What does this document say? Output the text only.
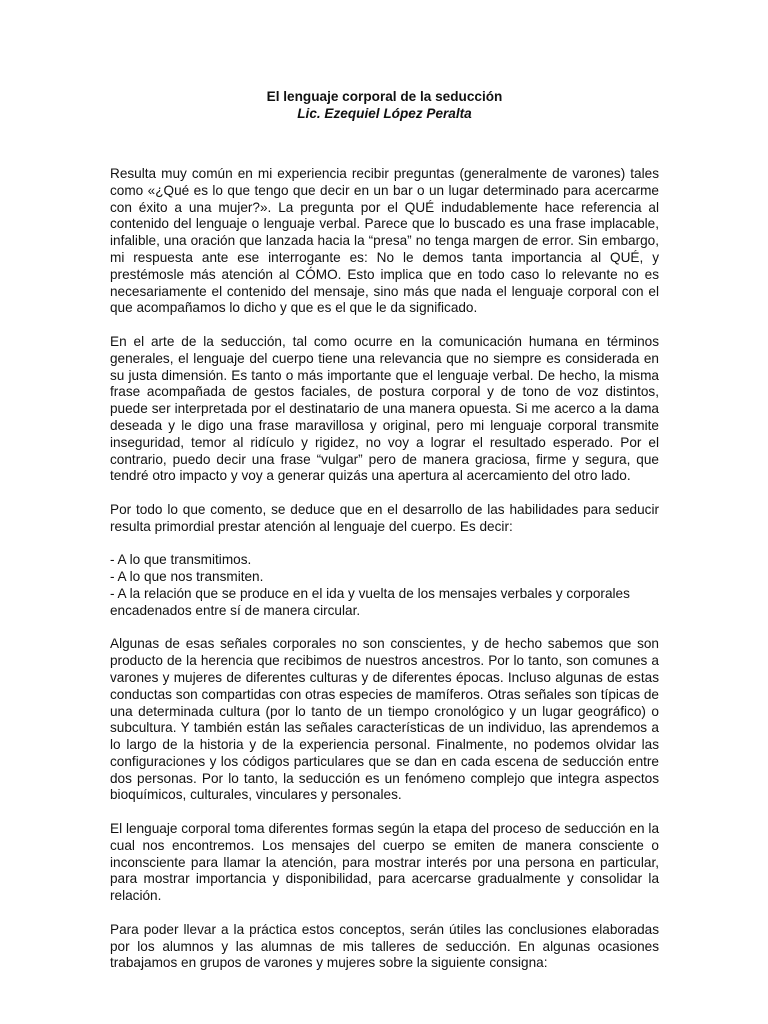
El lenguaje corporal de la seducción
Lic. Ezequiel López Peralta

Resulta muy común en mi experiencia recibir preguntas (generalmente de varones) tales como «¿Qué es lo que tengo que decir en un bar o un lugar determinado para acercarme con éxito a una mujer?». La pregunta por el QUÉ indudablemente hace referencia al contenido del lenguaje o lenguaje verbal. Parece que lo buscado es una frase implacable, infalible, una oración que lanzada hacia la “presa” no tenga margen de error. Sin embargo, mi respuesta ante ese interrogante es: No le demos tanta importancia al QUÉ, y prestémosle más atención al CÓMO. Esto implica que en todo caso lo relevante no es necesariamente el contenido del mensaje, sino más que nada el lenguaje corporal con el que acompañamos lo dicho y que es el que le da significado.

En el arte de la seducción, tal como ocurre en la comunicación humana en términos generales, el lenguaje del cuerpo tiene una relevancia que no siempre es considerada en su justa dimensión. Es tanto o más importante que el lenguaje verbal. De hecho, la misma frase acompañada de gestos faciales, de postura corporal y de tono de voz distintos, puede ser interpretada por el destinatario de una manera opuesta. Si me acerco a la dama deseada y le digo una frase maravillosa y original, pero mi lenguaje corporal transmite inseguridad, temor al ridículo y rigidez, no voy a lograr el resultado esperado. Por el contrario, puedo decir una frase “vulgar” pero de manera graciosa, firme y segura, que tendré otro impacto y voy a generar quizás una apertura al acercamiento del otro lado.

Por todo lo que comento, se deduce que en el desarrollo de las habilidades para seducir resulta primordial prestar atención al lenguaje del cuerpo. Es decir:

- A lo que transmitimos.
- A lo que nos transmiten.
- A la relación que se produce en el ida y vuelta de los mensajes verbales y corporales encadenados entre sí de manera circular.

Algunas de esas señales corporales no son conscientes, y de hecho sabemos que son producto de la herencia que recibimos de nuestros ancestros. Por lo tanto, son comunes a varones y mujeres de diferentes culturas y de diferentes épocas. Incluso algunas de estas conductas son compartidas con otras especies de mamíferos. Otras señales son típicas de una determinada cultura (por lo tanto de un tiempo cronológico y un lugar geográfico) o subcultura. Y también están las señales características de un individuo, las aprendemos a lo largo de la historia y de la experiencia personal. Finalmente, no podemos olvidar las configuraciones y los códigos particulares que se dan en cada escena de seducción entre dos personas. Por lo tanto, la seducción es un fenómeno complejo que integra aspectos bioquímicos, culturales, vinculares y personales.

El lenguaje corporal toma diferentes formas según la etapa del proceso de seducción en la cual nos encontremos. Los mensajes del cuerpo se emiten de manera consciente o inconsciente para llamar la atención, para mostrar interés por una persona en particular, para mostrar importancia y disponibilidad, para acercarse gradualmente y consolidar la relación.

Para poder llevar a la práctica estos conceptos, serán útiles las conclusiones elaboradas por los alumnos y las alumnas de mis talleres de seducción. En algunas ocasiones trabajamos en grupos de varones y mujeres sobre la siguiente consigna:
